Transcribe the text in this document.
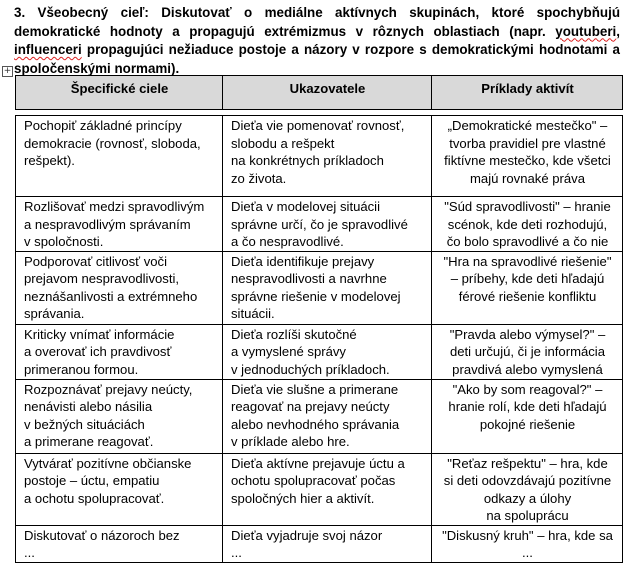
3. Všeobecný cieľ: Diskutovať o mediálne aktívnych skupinách, ktoré spochybňujú demokratické hodnoty a propagujú extrémizmus v rôznych oblastiach (napr. youtuberi, influenceri propagujúci nežiaduce postoje a názory v rozpore s demokratickými hodnotami a spoločenskými normami).
+
Špecifické ciele	Ukazovatele	Príklady aktivít

Pochopiť základné princípy
demokracie (rovnosť, sloboda,
rešpekt).	Dieťa vie pomenovať rovnosť,
slobodu a rešpekt
na konkrétnych príkladoch
zo života.	„Demokratické mestečko" –
tvorba pravidiel pre vlastné
fiktívne mestečko, kde všetci
majú rovnaké práva

Rozlišovať medzi spravodlivým
a nespravodlivým správaním
v spoločnosti.	Dieťa v modelovej situácii
správne určí, čo je spravodlivé
a čo nespravodlivé.	"Súd spravodlivosti" – hranie
scénok, kde deti rozhodujú,
čo bolo spravodlivé a čo nie

Podporovať citlivosť voči
prejavom nespravodlivosti,
neznášanlivosti a extrémneho
správania.	Dieťa identifikuje prejavy
nespravodlivosti a navrhne
správne riešenie v modelovej
situácii.	"Hra na spravodlivé riešenie"
– príbehy, kde deti hľadajú
férové riešenie konfliktu

Kriticky vnímať informácie
a overovať ich pravdivosť
primeranou formou.	Dieťa rozlíši skutočné
a vymyslené správy
v jednoduchých príkladoch.	"Pravda alebo výmysel?" –
deti určujú, či je informácia
pravdivá alebo vymyslená

Rozpoznávať prejavy neúcty,
nenávisti alebo násilia
v bežných situáciách
a primerane reagovať.	Dieťa vie slušne a primerane
reagovať na prejavy neúcty
alebo nevhodného správania
v príklade alebo hre.	"Ako by som reagoval?" –
hranie rolí, kde deti hľadajú
pokojné riešenie

Vytvárať pozitívne občianske
postoje – úctu, empatiu
a ochotu spolupracovať.	Dieťa aktívne prejavuje úctu a
ochotu spolupracovať počas
spoločných hier a aktivít.	"Reťaz rešpektu" – hra, kde
si deti odovzdávajú pozitívne
odkazy a úlohy
na spoluprácu

Diskutovať o názoroch bez
...	Dieťa vyjadruje svoj názor
...	"Diskusný kruh" – hra, kde sa
...
